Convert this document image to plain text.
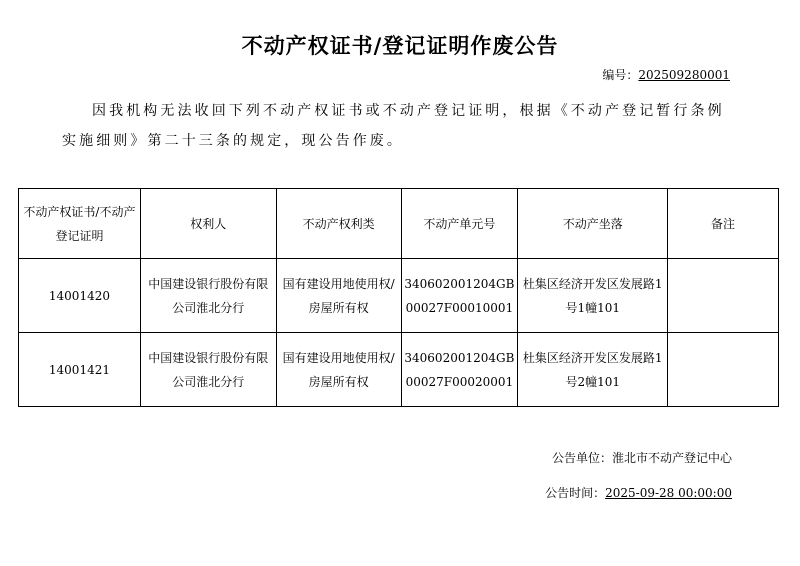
不动产权证书/登记证明作废公告
编号：202509280001
因我机构无法收回下列不动产权证书或不动产登记证明，根据《不动产登记暂行条例实施细则》第二十三条的规定，现公告作废。
不动产权证书/不动产登记证明	权利人	不动产权利类	不动产单元号	不动产坐落	备注
14001420	中国建设银行股份有限公司淮北分行	国有建设用地使用权/房屋所有权	340602001204GB00027F00010001	杜集区经济开发区发展路1号1幢101	
14001421	中国建设银行股份有限公司淮北分行	国有建设用地使用权/房屋所有权	340602001204GB00027F00020001	杜集区经济开发区发展路1号2幢101	
公告单位：淮北市不动产登记中心
公告时间：2025-09-28 00:00:00
